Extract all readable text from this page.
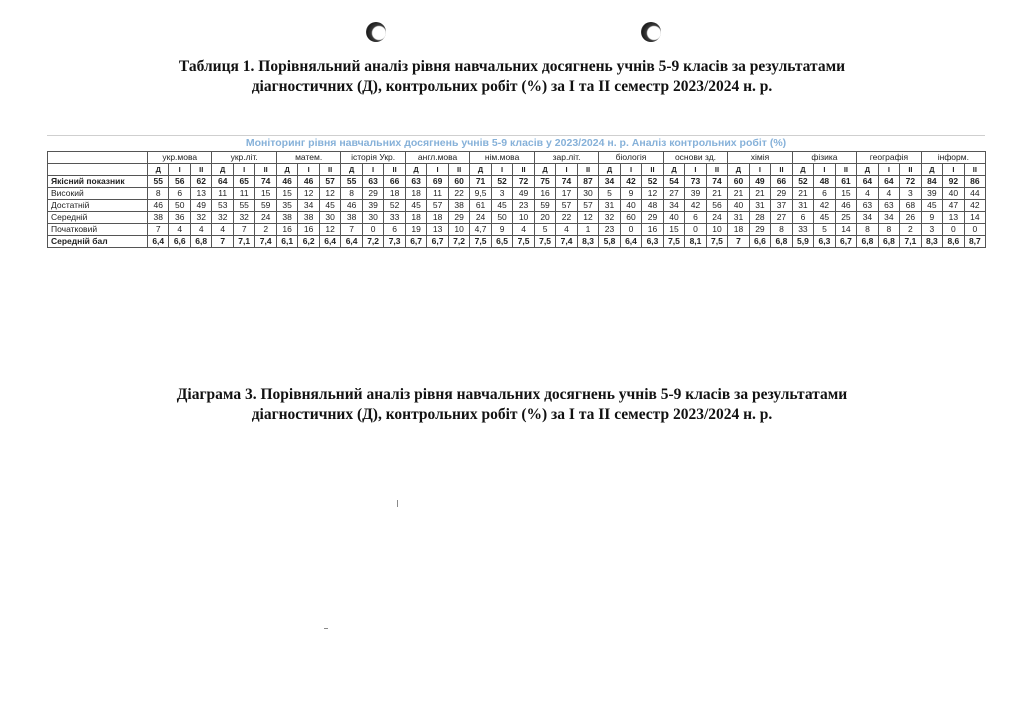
Таблиця 1. Порівняльний аналіз рівня навчальних досягнень учнів 5-9 класів за результатами
діагностичних (Д), контрольних робіт (%) за І та ІІ семестр 2023/2024 н. р.
Моніторинг рівня навчальних досягнень учнів 5-9 класів у 2023/2024 н. р. Аналіз контрольних робіт (%)
	укр.мова			укр.літ.			матем.			історія Укр.			англ.мова			нім.мова			зар.літ.			біологія			основи зд.			хімія			фізика			географія			інформ.		
	Д	І	ІІ	Д	І	ІІ	Д	І	ІІ	Д	І	ІІ	Д	І	ІІ	Д	І	ІІ	Д	І	ІІ	Д	І	ІІ	Д	І	ІІ	Д	І	ІІ	Д	І	ІІ	Д	І	ІІ	Д	І	ІІ
Якісний показник	55	56	62	64	65	74	46	46	57	55	63	66	63	69	60	71	52	72	75	74	87	34	42	52	54	73	74	60	49	66	52	48	61	64	64	72	84	92	86
Високий	8	6	13	11	11	15	15	12	12	8	29	18	18	11	22	9,5	3	49	16	17	30	5	9	12	27	39	21	21	21	29	21	6	15	4	4	3	39	40	44
Достатній	46	50	49	53	55	59	35	34	45	46	39	52	45	57	38	61	45	23	59	57	57	31	40	48	34	42	56	40	31	37	31	42	46	63	63	68	45	47	42
Середній	38	36	32	32	32	24	38	38	30	38	30	33	18	18	29	24	50	10	20	22	12	32	60	29	40	6	24	31	28	27	6	45	25	34	34	26	9	13	14
Початковий	7	4	4	4	7	2	16	16	12	7	0	6	19	13	10	4,7	9	4	5	4	1	23	0	16	15	0	10	18	29	8	33	5	14	8	8	2	3	0	0
Середній бал	6,4	6,6	6,8	7	7,1	7,4	6,1	6,2	6,4	6,4	7,2	7,3	6,7	6,7	7,2	7,5	6,5	7,5	7,5	7,4	8,3	5,8	6,4	6,3	7,5	8,1	7,5	7	6,6	6,8	5,9	6,3	6,7	6,8	6,8	7,1	8,3	8,6	8,7
Діаграма 3. Порівняльний аналіз рівня навчальних досягнень учнів 5-9 класів за результатами
діагностичних (Д), контрольних робіт (%) за І та ІІ семестр 2023/2024 н. р.
